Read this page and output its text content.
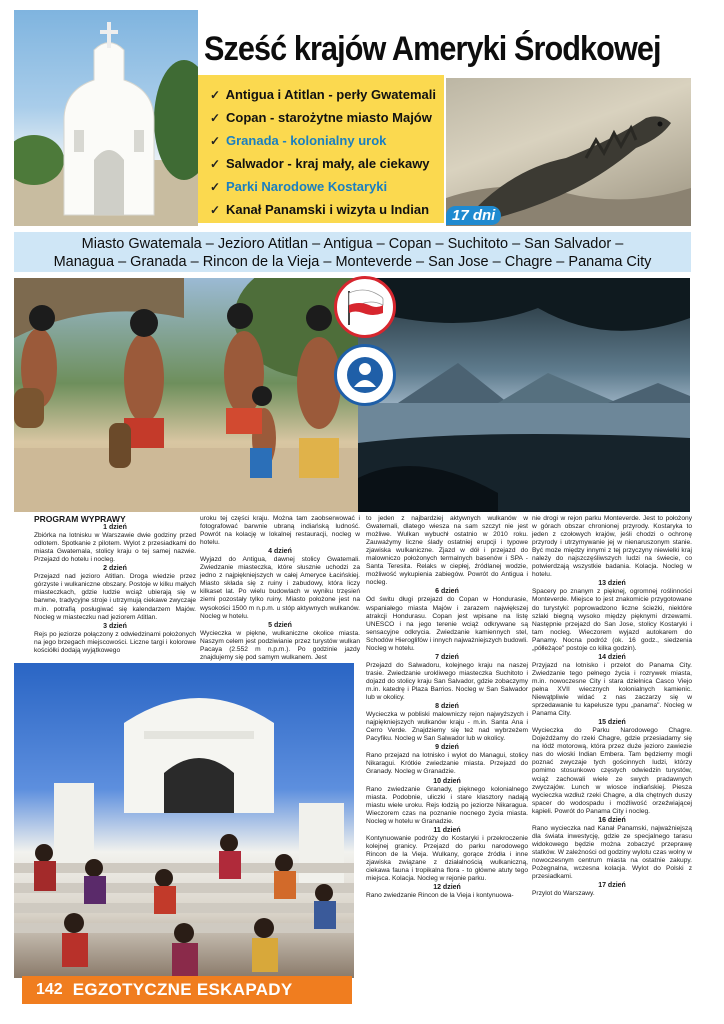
Sześć krajów Ameryki Środkowej
✓ Antigua i Atitlan - perły Gwatemali
✓ Copan - starożytne miasto Majów
✓ Granada - kolonialny urok
✓ Salwador - kraj mały, ale ciekawy
✓ Parki Narodowe Kostaryki
✓ Kanał Panamski i wizyta u Indian	17 dni
Miasto Gwatemala – Jezioro Atitlan – Antigua – Copan – Suchitoto – San Salvador –
Managua – Granada – Rincon de la Vieja – Monteverde – San Jose – Chagre – Panama City
PROGRAM WYPRAWY
1 dzień
Zbiórka na lotnisku w Warszawie dwie godziny przed odlotem. Spotkanie z pilotem. Wylot z przesiadkami do miasta Gwatemala, stolicy kraju o tej samej nazwie. Przejazd do hotelu i nocleg.
2 dzień
Przejazd nad jezioro Atitlan. Droga wiedzie przez górzyste i wulkaniczne obszary. Postoje w kilku małych miasteczkach, gdzie ludzie wciąż ubierają się w barwne, tradycyjne stroje i utrzymują ciekawe zwyczaje m.in. potrafią posługiwać się kalendarzem Majów. Nocleg w miasteczku nad jeziorem Atitlan.
3 dzień
Rejs po jeziorze połączony z odwiedzinami położonych na jego brzegach miejscowości. Liczne targi i kolorowe kościółki dodają wyjątkowego
uroku tej części kraju. Można tam zaobserwować i fotografować barwnie ubraną indiańską ludność. Powrót na kolację w lokalnej restauracji, nocleg w hotelu.
4 dzień
Wyjazd do Antigua, dawnej stolicy Gwatemali. Zwiedzanie miasteczka, które słusznie uchodzi za jedno z najpiękniejszych w całej Ameryce Łacińskiej. Miasto składa się z ruiny i zabudowy, która liczy kilkaset lat. Po wielu budowlach w wyniku trzęsień ziemi pozostały tylko ruiny. Miasto położone jest na wysokości 1500 m n.p.m. u stóp aktywnych wulkanów. Nocleg w hotelu.
5 dzień
Wycieczka w piękne, wulkaniczne okolice miasta. Naszym celem jest podziwianie przez turystów wulkan Pacaya (2.552 m n.p.m.). Po godzinie jazdy znajdujemy się pod samym wulkanem. Jest
to jeden z najbardziej aktywnych wulkanów w Gwatemali, dlatego wiesza na sam szczyt nie jest możliwe. Wulkan wybuchł ostatnio w 2010 roku. Zauważymy liczne ślady ostatniej erupcji i typowe zjawiska wulkaniczne. Zjazd w dół i przejazd do malowniczo położonych termalnych basenów i SPA - Santa Teresita. Relaks w ciepłej, źródlanej wodzie, możliwość wykupienia zabiegów. Powrót do Antigua i nocleg.
6 dzień
Od świtu długi przejazd do Copan w Hondurasie, wspaniałego miasta Majów i zarazem największej atrakcji Hondurasu. Copan jest wpisane na listę UNESCO i na jego terenie wciąż odkrywane są sensacyjne odkrycia. Zwiedzanie kamiennych stel, Schodów Hieroglifów i innych najważniejszych budowli. Nocleg w hotelu.
7 dzień
Przejazd do Salwadoru, kolejnego kraju na naszej trasie. Zwiedzanie urokliwego miasteczka Suchitoto i dojazd do stolicy kraju San Salvador, gdzie zobaczymy m.in. katedrę i Plaza Barrios. Nocleg w San Salwador lub w okolicy.
8 dzień
Wycieczka w pobliski malowniczy rejon najwyższych i najpiękniejszych wulkanów kraju - m.in. Santa Ana i Cerro Verde. Znajdziemy się też nad wybrzeżem Pacyfiku. Nocleg w San Salwador lub w okolicy.
9 dzień
Rano przejazd na lotnisko i wylot do Managui, stolicy Nikaragui. Krótkie zwiedzanie miasta. Przejazd do Granady. Nocleg w Granadzie.
10 dzień
Rano zwiedzanie Granady, pięknego kolonialnego miasta. Podobnie, uliczki i stare klasztory nadają miastu wiele uroku. Rejs łodzią po jeziorze Nikaragua. Wieczorem czas na poznanie nocnego życia miasta. Nocleg w hotelu w Granadzie.
11 dzień
Kontynuowanie podróży do Kostaryki i przekroczenie kolejnej granicy. Przejazd do parku narodowego Rincon de la Vieja. Wulkany, gorące źródła i inne zjawiska związane z działalnością wulkaniczną, ciekawa fauna i tropikalna flora - to główne atuty tego miejsca. Kolacja. Nocleg w rejonie parku.
12 dzień
Rano zwiedzanie Rincon de la Vieja i kontynuowa-
nie drogi w rejon parku Monteverde. Jest to położony w górach obszar chronionej przyrody. Kostaryka to jeden z czołowych krajów, jeśli chodzi o ochronę przyrody i utrzymywanie jej w nienaruszonym stanie. Być może między innymi z tej przyczyny niewielki kraj należy do najszczęśliwszych ludzi na świecie, co potwierdzają wszystkie badania. Kolacja. Nocleg w hotelu.
13 dzień
Spacery po znanym z pięknej, ogromnej roślinności Monteverde. Miejsce to jest znakomicie przygotowane do turystyki: poprowadzono liczne ścieżki, niektóre szlaki biegną wysoko między pięknymi drzewami. Następnie przejazd do San Jose, stolicy Kostaryki i tam nocleg. Wieczorem wyjazd autokarem do Panamy. Nocna podróż (ok. 16 godz., siedzenia „półleżące" postoje co kilka godzin).
14 dzień
Przyjazd na lotnisko i przelot do Panama City. Zwiedzanie tego pełnego życia i rozrywek miasta, m.in. nowoczesne City i stara dzielnica Casco Viejo pełna XVII wiecznych kolonialnych kamienic. Niewątpliwie widać z nas zaczarzy się w sprzedawanie tu kapelusze typu „panama". Nocleg w Panama City.
15 dzień
Wycieczka do Parku Narodowego Chagre. Dojeżdżamy do rzeki Chagre, gdzie przesiadamy się na łódź motorową, która przez duże jezioro zawiezie nas do wioski Indian Embera. Tam będziemy mogli poznać zwyczaje tych gościnnych ludzi, którzy pomimo stosunkowo częstych odwiedzin turystów, wciąż zachowali wiele ze swych pradawnych zwyczajów. Lunch w wiosce indiańskiej. Piesza wycieczka wzdłuż rzeki Chagre, a dla chętnych duszy spacer do wodospadu i możliwość orzeźwiającej kąpieli. Powrót do Panama City i nocleg.
16 dzień
Rano wycieczka nad Kanał Panamski, najważniejszą dla świata inwestycję, gdzie ze specjalnego tarasu widokowego będzie można zobaczyć przeprawę statków. W zależności od godziny wylotu czas wolny w nowoczesnym centrum miasta na ostatnie zakupy. Pożegnalna, wczesna kolacja. Wylot do Polski z przesiadkami.
17 dzień
Przylot do Warszawy.
142 EGZOTYCZNE ESKAPADY
